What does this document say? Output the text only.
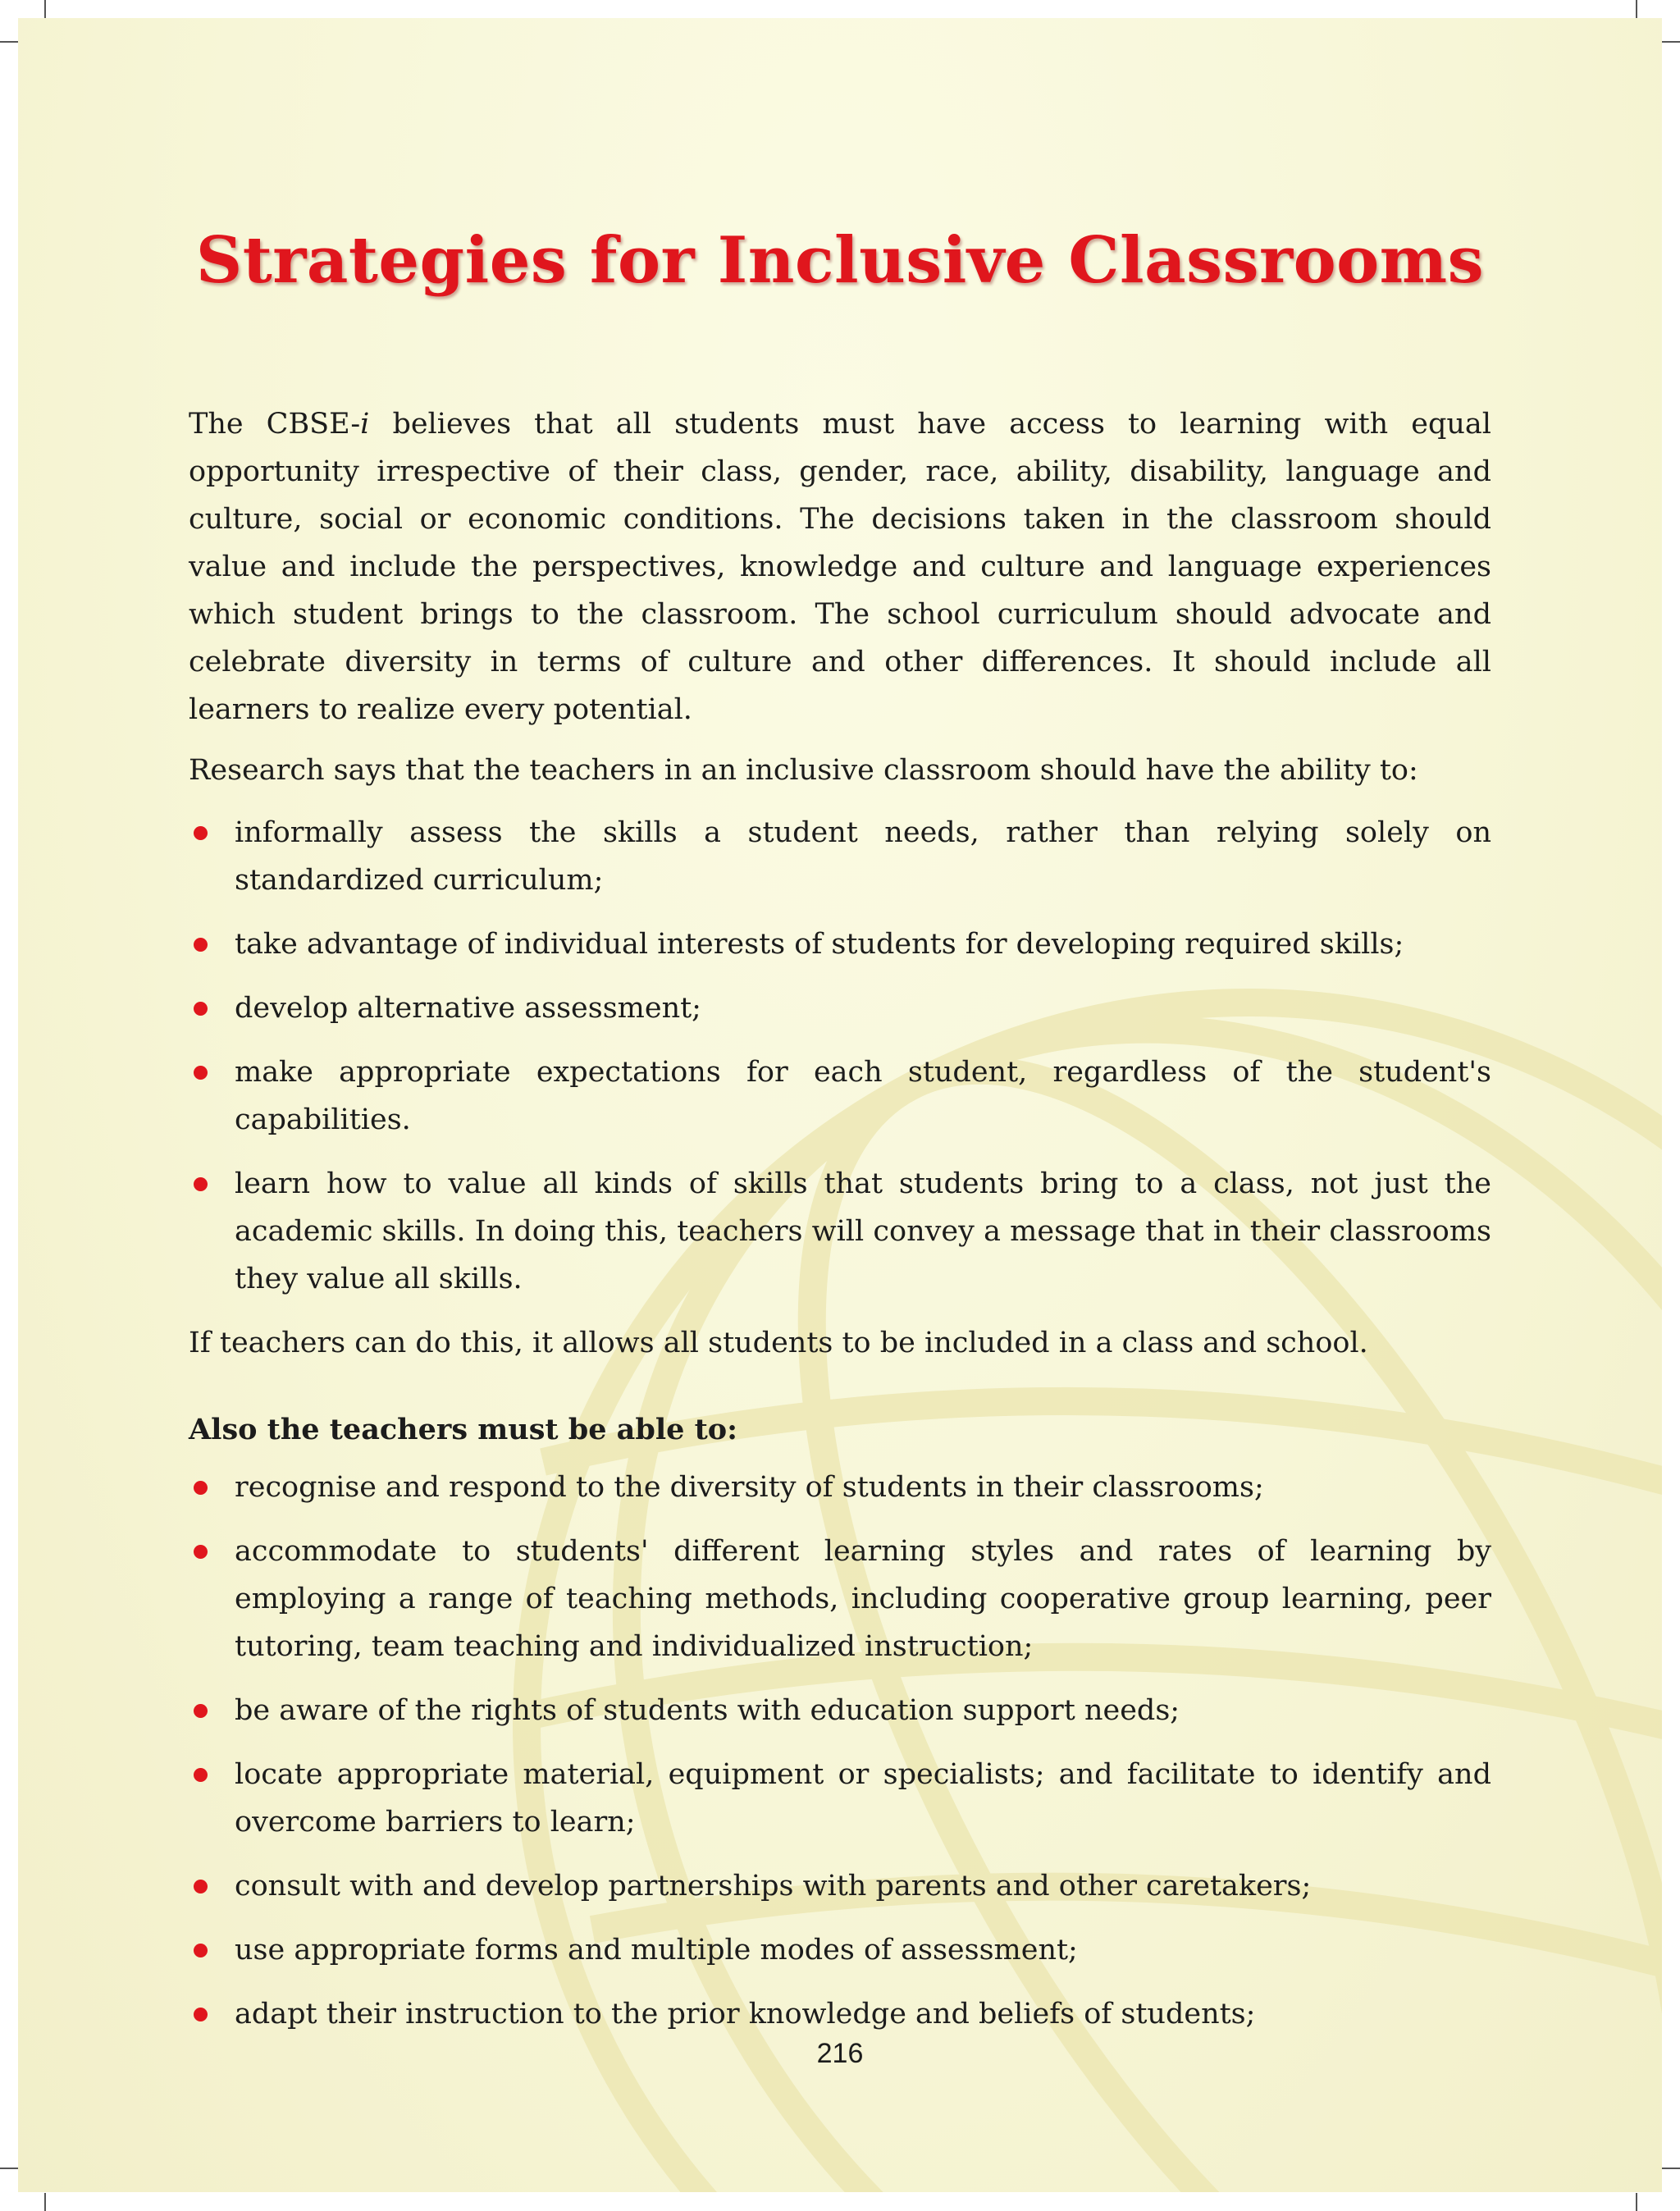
Strategies for Inclusive Classrooms

The CBSE-i believes that all students must have access to learning with equal opportunity irrespective of their class, gender, race, ability, disability, language and culture, social or economic conditions. The decisions taken in the classroom should value and include the perspectives, knowledge and culture and language experiences which student brings to the classroom. The school curriculum should advocate and celebrate diversity in terms of culture and other differences. It should include all learners to realize every potential.

Research says that the teachers in an inclusive classroom should have the ability to:

informally assess the skills a student needs, rather than relying solely on standardized curriculum;
take advantage of individual interests of students for developing required skills;
develop alternative assessment;
make appropriate expectations for each student, regardless of the student's capabilities.
learn how to value all kinds of skills that students bring to a class, not just the academic skills. In doing this, teachers will convey a message that in their classrooms they value all skills.

If teachers can do this, it allows all students to be included in a class and school.

Also the teachers must be able to:

recognise and respond to the diversity of students in their classrooms;
accommodate to students' different learning styles and rates of learning by employing a range of teaching methods, including cooperative group learning, peer tutoring, team teaching and individualized instruction;
be aware of the rights of students with education support needs;
locate appropriate material, equipment or specialists; and facilitate to identify and overcome barriers to learn;
consult with and develop partnerships with parents and other caretakers;
use appropriate forms and multiple modes of assessment;
adapt their instruction to the prior knowledge and beliefs of students;
216
